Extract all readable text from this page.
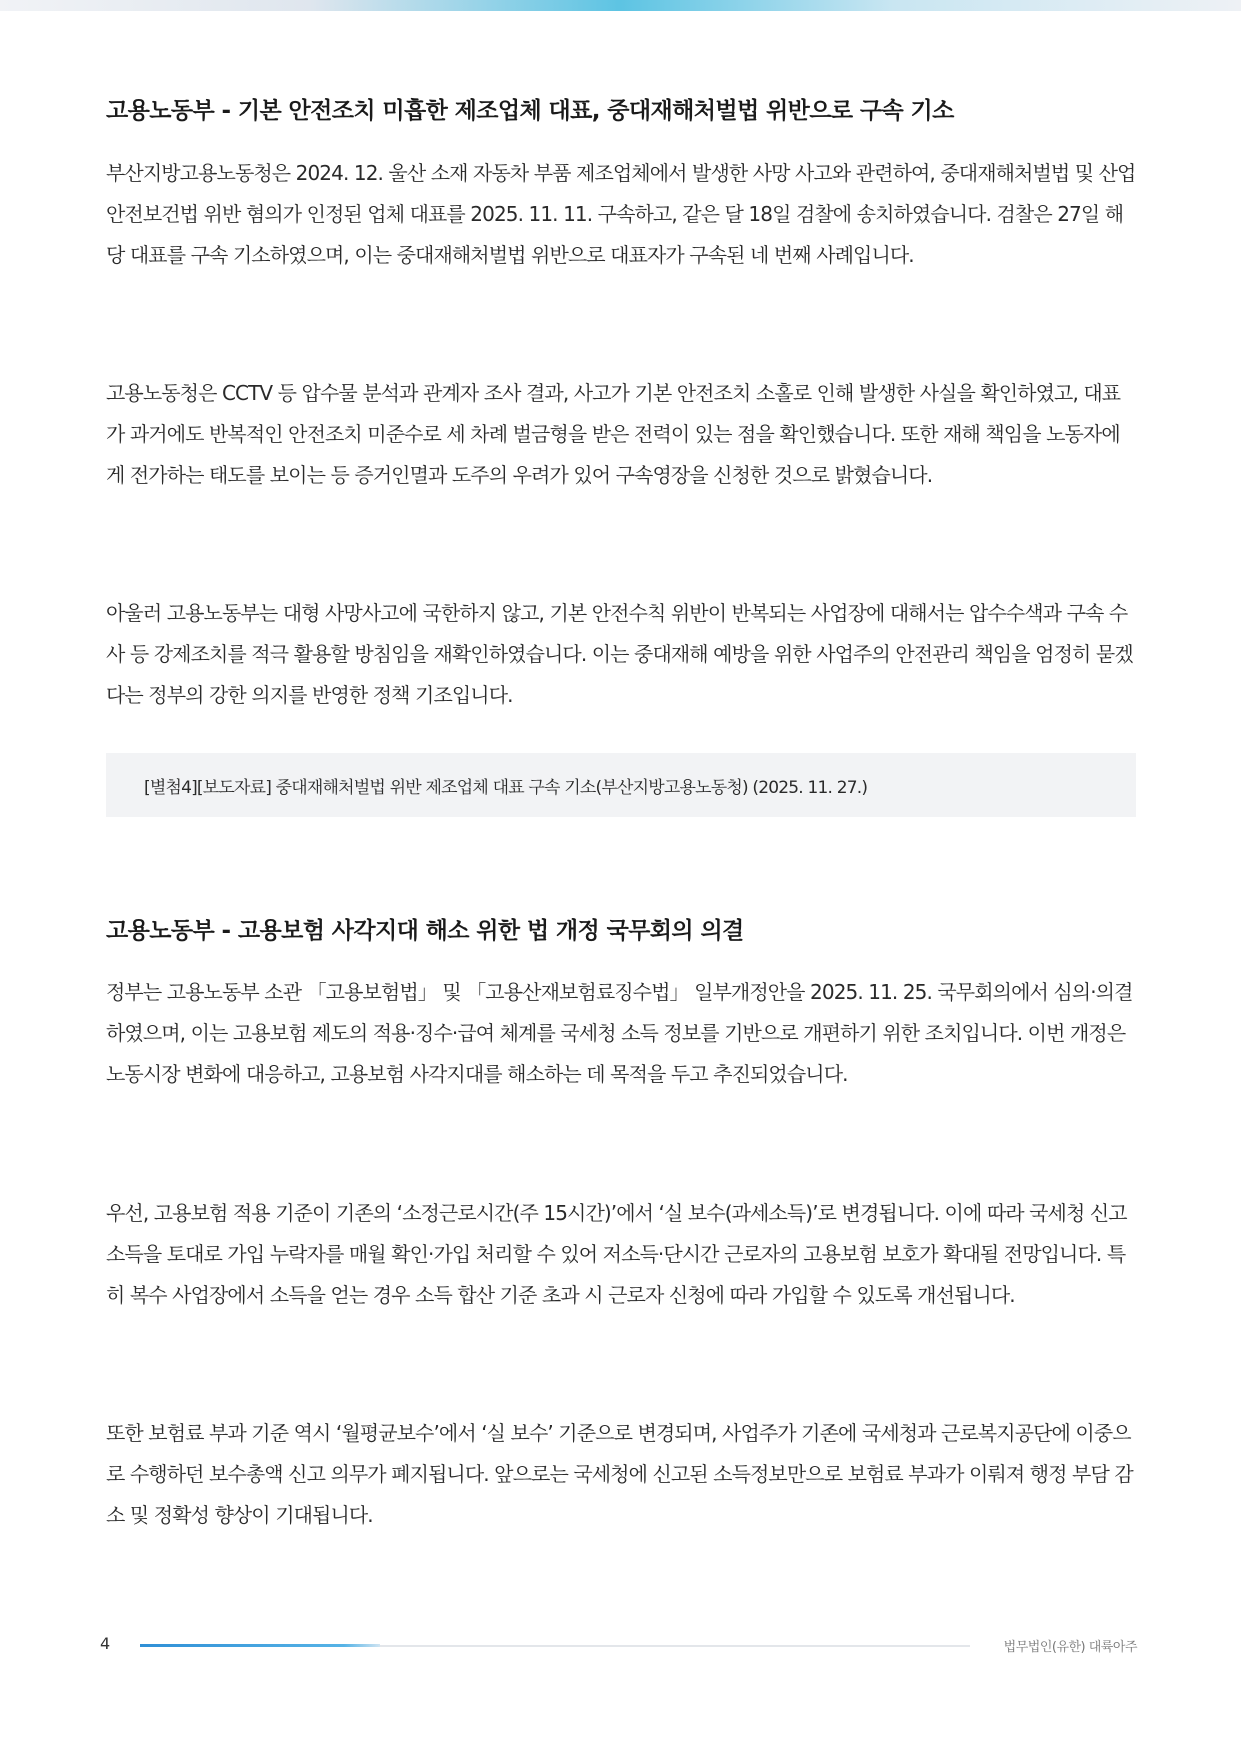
고용노동부 - 기본 안전조치 미흡한 제조업체 대표, 중대재해처벌법 위반으로 구속 기소

부산지방고용노동청은 2024. 12. 울산 소재 자동차 부품 제조업체에서 발생한 사망 사고와 관련하여, 중대재해처벌법 및 산업안전보건법 위반 혐의가 인정된 업체 대표를 2025. 11. 11. 구속하고, 같은 달 18일 검찰에 송치하였습니다. 검찰은 27일 해당 대표를 구속 기소하였으며, 이는 중대재해처벌법 위반으로 대표자가 구속된 네 번째 사례입니다.

고용노동청은 CCTV 등 압수물 분석과 관계자 조사 결과, 사고가 기본 안전조치 소홀로 인해 발생한 사실을 확인하였고, 대표가 과거에도 반복적인 안전조치 미준수로 세 차례 벌금형을 받은 전력이 있는 점을 확인했습니다. 또한 재해 책임을 노동자에게 전가하는 태도를 보이는 등 증거인멸과 도주의 우려가 있어 구속영장을 신청한 것으로 밝혔습니다.

아울러 고용노동부는 대형 사망사고에 국한하지 않고, 기본 안전수칙 위반이 반복되는 사업장에 대해서는 압수수색과 구속 수사 등 강제조치를 적극 활용할 방침임을 재확인하였습니다. 이는 중대재해 예방을 위한 사업주의 안전관리 책임을 엄정히 묻겠다는 정부의 강한 의지를 반영한 정책 기조입니다.

[별첨4][보도자료] 중대재해처벌법 위반 제조업체 대표 구속 기소(부산지방고용노동청) (2025. 11. 27.)
고용노동부 - 고용보험 사각지대 해소 위한 법 개정 국무회의 의결

정부는 고용노동부 소관 「고용보험법」 및 「고용산재보험료징수법」 일부개정안을 2025. 11. 25. 국무회의에서 심의·의결하였으며, 이는 고용보험 제도의 적용·징수·급여 체계를 국세청 소득 정보를 기반으로 개편하기 위한 조치입니다. 이번 개정은 노동시장 변화에 대응하고, 고용보험 사각지대를 해소하는 데 목적을 두고 추진되었습니다.

우선, 고용보험 적용 기준이 기존의 ‘소정근로시간(주 15시간)’에서 ‘실 보수(과세소득)’로 변경됩니다. 이에 따라 국세청 신고 소득을 토대로 가입 누락자를 매월 확인·가입 처리할 수 있어 저소득·단시간 근로자의 고용보험 보호가 확대될 전망입니다. 특히 복수 사업장에서 소득을 얻는 경우 소득 합산 기준 초과 시 근로자 신청에 따라 가입할 수 있도록 개선됩니다.

또한 보험료 부과 기준 역시 ‘월평균보수’에서 ‘실 보수’ 기준으로 변경되며, 사업주가 기존에 국세청과 근로복지공단에 이중으로 수행하던 보수총액 신고 의무가 폐지됩니다. 앞으로는 국세청에 신고된 소득정보만으로 보험료 부과가 이뤄져 행정 부담 감소 및 정확성 향상이 기대됩니다.

4	법무법인(유한) 대륙아주
